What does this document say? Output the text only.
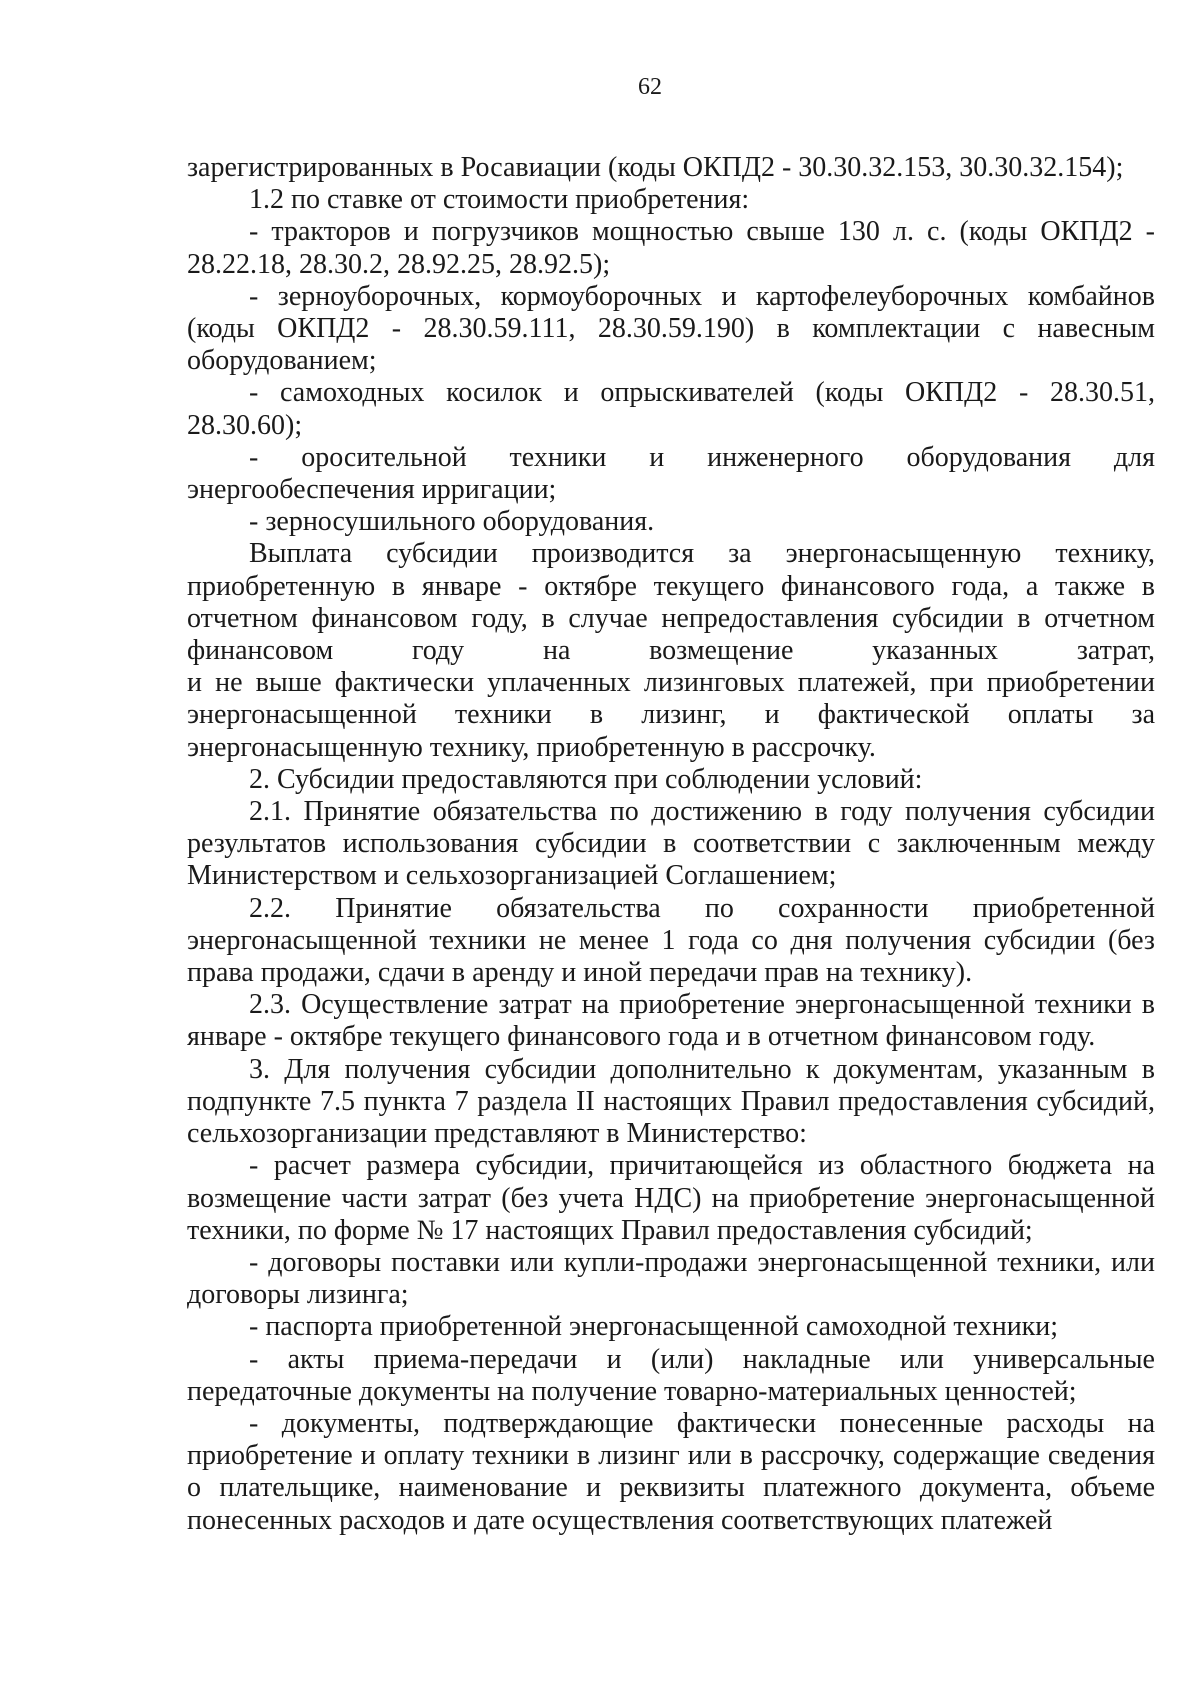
62

зарегистрированных в Росавиации (коды ОКПД2 - 30.30.32.153, 30.30.32.154);

1.2 по ставке от стоимости приобретения:

- тракторов и погрузчиков мощностью свыше 130 л. с. (коды ОКПД2 - 28.22.18, 28.30.2, 28.92.25, 28.92.5);

- зерноуборочных, кормоуборочных и картофелеуборочных комбайнов (коды ОКПД2 - 28.30.59.111, 28.30.59.190) в комплектации с навесным оборудованием;

- самоходных косилок и опрыскивателей (коды ОКПД2 - 28.30.51, 28.30.60);

- оросительной техники и инженерного оборудования для энергообеспечения ирригации;

- зерносушильного оборудования.

Выплата субсидии производится за энергонасыщенную технику, приобретенную в январе - октябре текущего финансового года, а также в отчетном финансовом году, в случае непредоставления субсидии в отчетном финансовом году на возмещение указанных затрат,

и не выше фактически уплаченных лизинговых платежей, при приобретении энергонасыщенной техники в лизинг, и фактической оплаты за энергонасыщенную технику, приобретенную в рассрочку.

2. Субсидии предоставляются при соблюдении условий:

2.1. Принятие обязательства по достижению в году получения субсидии результатов использования субсидии в соответствии с заключенным между Министерством и сельхозорганизацией Соглашением;

2.2. Принятие обязательства по сохранности приобретенной энергонасыщенной техники не менее 1 года со дня получения субсидии (без права продажи, сдачи в аренду и иной передачи прав на технику).

2.3. Осуществление затрат на приобретение энергонасыщенной техники в январе - октябре текущего финансового года и в отчетном финансовом году.

3. Для получения субсидии дополнительно к документам, указанным в подпункте 7.5 пункта 7 раздела II настоящих Правил предоставления субсидий, сельхозорганизации представляют в Министерство:

- расчет размера субсидии, причитающейся из областного бюджета на возмещение части затрат (без учета НДС) на приобретение энергонасыщенной техники, по форме № 17 настоящих Правил предоставления субсидий;

- договоры поставки или купли-продажи энергонасыщенной техники, или договоры лизинга;

- паспорта приобретенной энергонасыщенной самоходной техники;

- акты приема-передачи и (или) накладные или универсальные передаточные документы на получение товарно-материальных ценностей;

- документы, подтверждающие фактически понесенные расходы на приобретение и оплату техники в лизинг или в рассрочку, содержащие сведения о плательщике, наименование и реквизиты платежного документа, объеме понесенных расходов и дате осуществления соответствующих платежей
